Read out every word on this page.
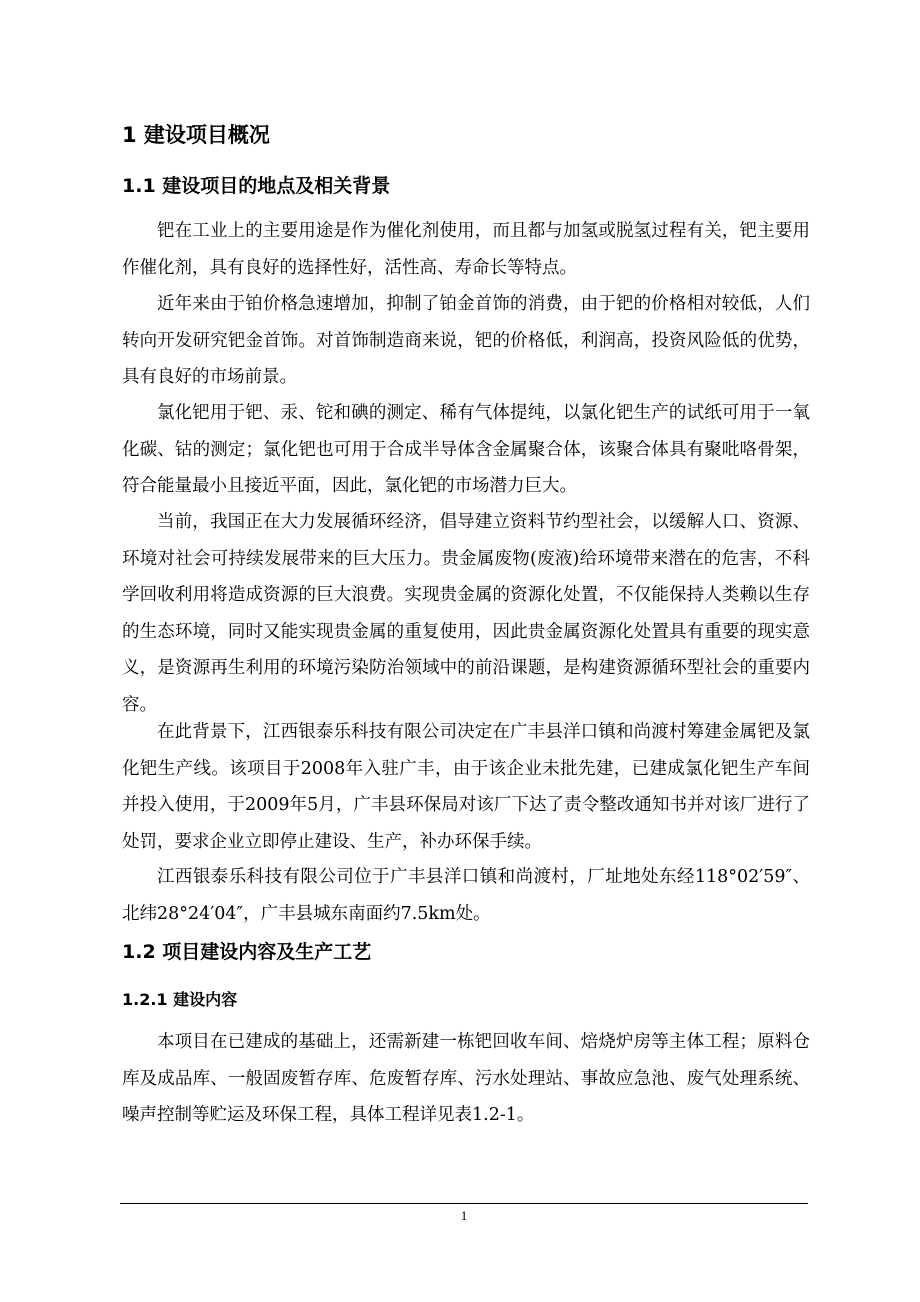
1 建设项目概况
1.1 建设项目的地点及相关背景

钯在工业上的主要用途是作为催化剂使用，而且都与加氢或脱氢过程有关，钯主要用作催化剂，具有良好的选择性好，活性高、寿命长等特点。

近年来由于铂价格急速增加，抑制了铂金首饰的消费，由于钯的价格相对较低，人们转向开发研究钯金首饰。对首饰制造商来说，钯的价格低，利润高，投资风险低的优势，具有良好的市场前景。

氯化钯用于钯、汞、铊和碘的测定、稀有气体提纯，以氯化钯生产的试纸可用于一氧化碳、钴的测定；氯化钯也可用于合成半导体含金属聚合体，该聚合体具有聚吡咯骨架，符合能量最小且接近平面，因此，氯化钯的市场潜力巨大。

当前，我国正在大力发展循环经济，倡导建立资料节约型社会，以缓解人口、资源、环境对社会可持续发展带来的巨大压力。贵金属废物(废液)给环境带来潜在的危害，不科学回收利用将造成资源的巨大浪费。实现贵金属的资源化处置，不仅能保持人类赖以生存的生态环境，同时又能实现贵金属的重复使用，因此贵金属资源化处置具有重要的现实意义，是资源再生利用的环境污染防治领域中的前沿课题，是构建资源循环型社会的重要内容。

在此背景下，江西银泰乐科技有限公司决定在广丰县洋口镇和尚渡村筹建金属钯及氯化钯生产线。该项目于2008年入驻广丰，由于该企业未批先建，已建成氯化钯生产车间并投入使用，于2009年5月，广丰县环保局对该厂下达了责令整改通知书并对该厂进行了处罚，要求企业立即停止建设、生产，补办环保手续。

江西银泰乐科技有限公司位于广丰县洋口镇和尚渡村，厂址地处东经118°02′59″、北纬28°24′04″，广丰县城东南面约7.5km处。

1.2 项目建设内容及生产工艺
1.2.1 建设内容

本项目在已建成的基础上，还需新建一栋钯回收车间、焙烧炉房等主体工程；原料仓库及成品库、一般固废暂存库、危废暂存库、污水处理站、事故应急池、废气处理系统、噪声控制等贮运及环保工程，具体工程详见表1.2-1。

1
